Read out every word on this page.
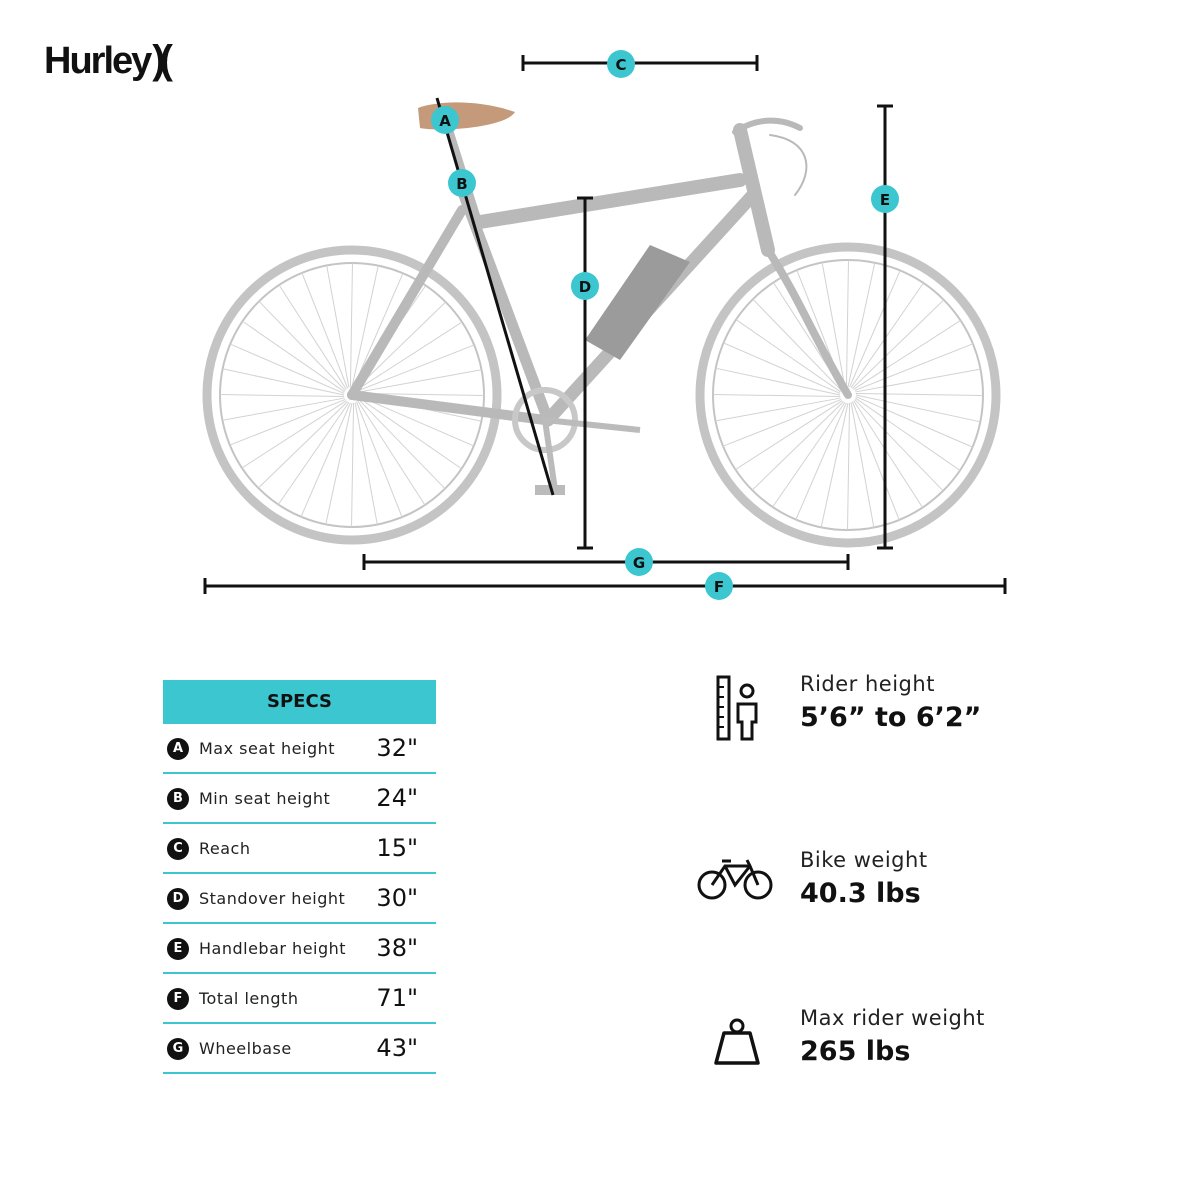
Hurley)(
A
B
C
D
E
F
G
SPECS		
A	Max seat height	32"
B	Min seat height	24"
C	Reach	15"
D	Standover height	30"
E	Handlebar height	38"
F	Total length	71"
G	Wheelbase	43"
Rider height
5’6” to 6’2”
Bike weight
40.3 lbs
Max rider weight
265 lbs
